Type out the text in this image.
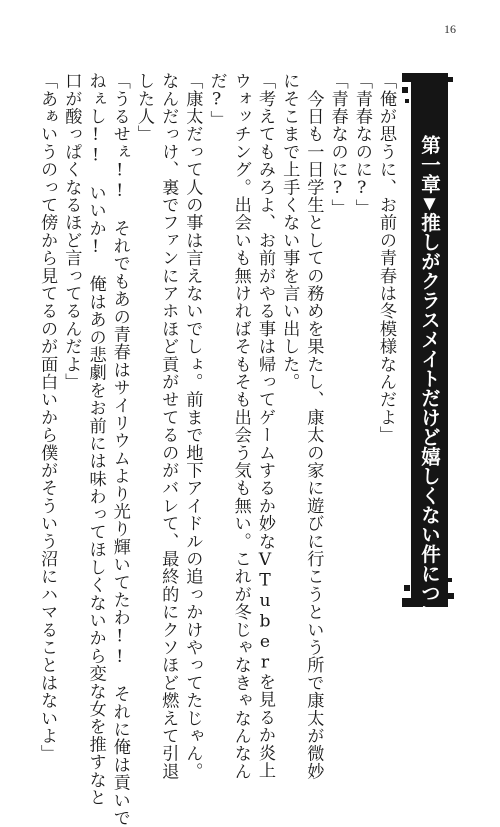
16
第一章▼推しがクラスメイトだけど嬉しくない件について
「俺が思うに、お前の青春は冬模様なんだよ」
「青春なのに?」
「青春なのに?」
　今日も一日学生としての務めを果たし、康太の家に遊びに行こうという所で康太が微妙
にそこまで上手くない事を言い出した。
「考えてもみろよ、お前がやる事は帰ってゲームするか妙なVTuberを見るか炎上
ウォッチング。出会いも無ければそもそも出会う気も無い。これが冬じゃなきゃなんなん
だ?」
「康太だって人の事は言えないでしょ。前まで地下アイドルの追っかけやってたじゃん。
なんだっけ、裏でファンにアホほど貢がせてるのがバレて、最終的にクソほど燃えて引退
した人」
「うるせぇ!!　それでもあの青春はサイリウムより光り輝いてたわ!!　それに俺は貢いで
ねぇし!!　いいか!　俺はあの悲劇をお前には味わってほしくないから変な女を推すなと
口が酸っぱくなるほど言ってるんだよ」
「あぁいうのって傍から見てるのが面白いから僕がそういう沼にハマることはないよ」
